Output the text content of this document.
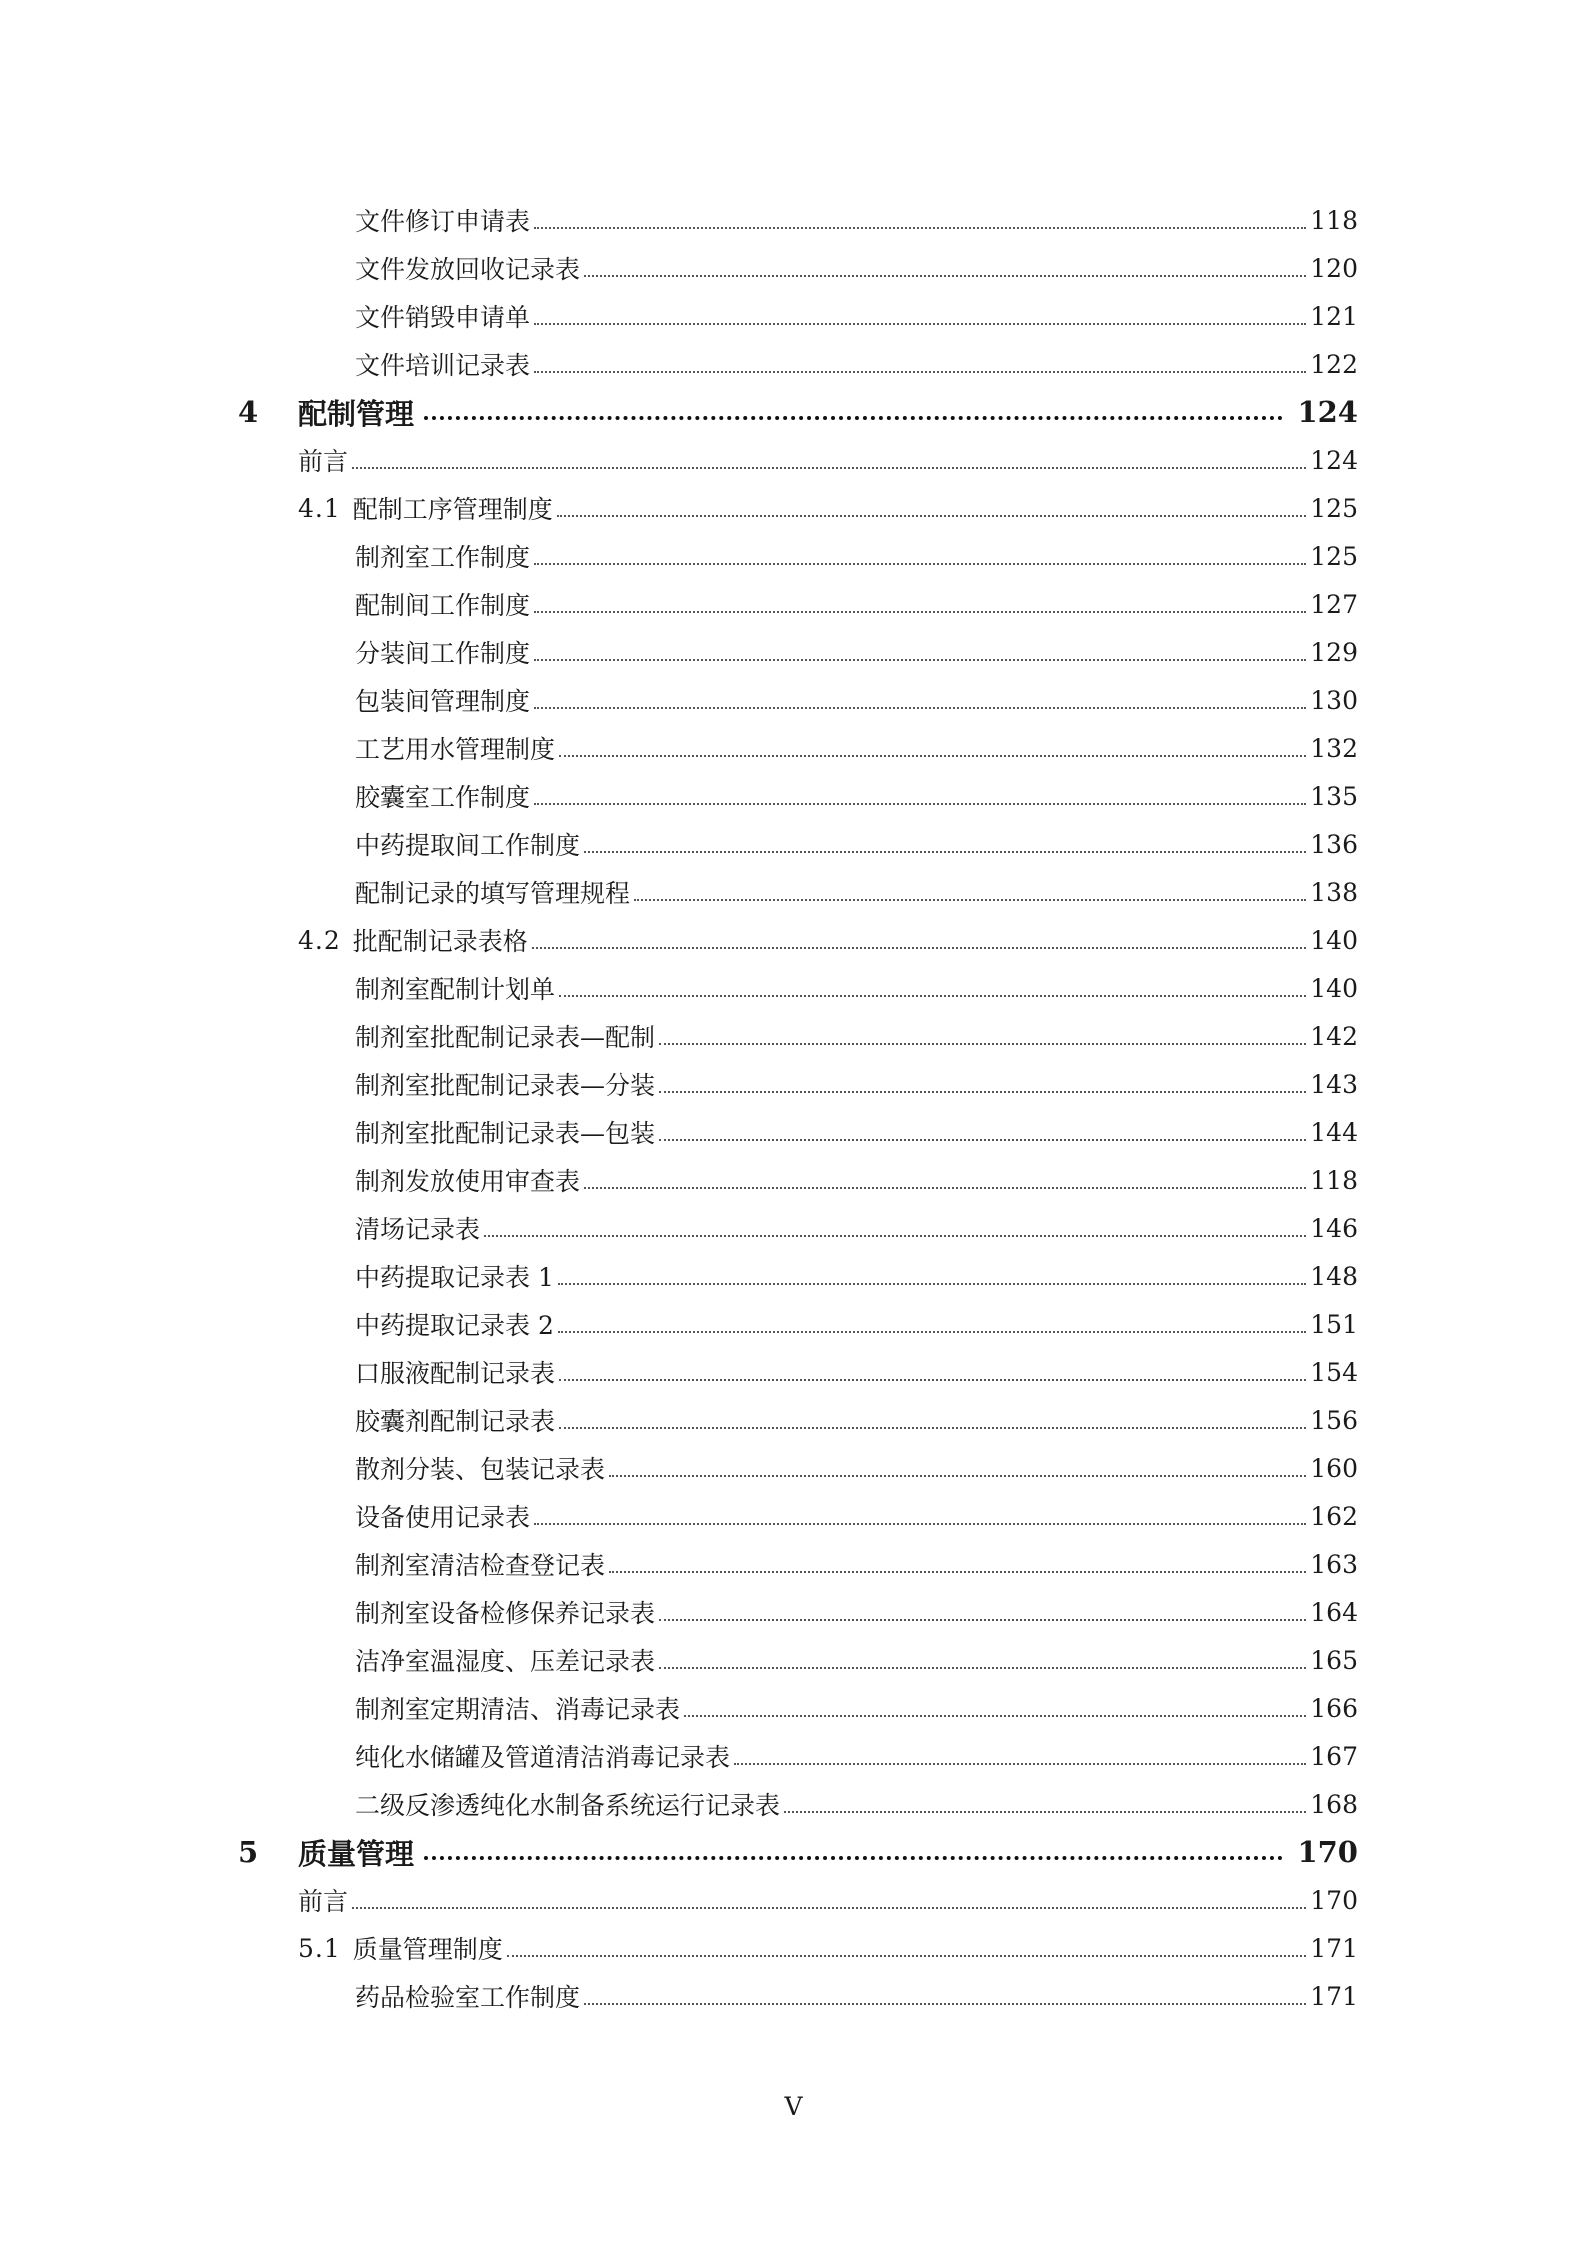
文件修订申请表	118
文件发放回收记录表	120
文件销毁申请单	121
文件培训记录表	122
4	配制管理	124
前言	124
4.1 配制工序管理制度	125
制剂室工作制度	125
配制间工作制度	127
分装间工作制度	129
包装间管理制度	130
工艺用水管理制度	132
胶囊室工作制度	135
中药提取间工作制度	136
配制记录的填写管理规程	138
4.2 批配制记录表格	140
制剂室配制计划单	140
制剂室批配制记录表—配制	142
制剂室批配制记录表—分装	143
制剂室批配制记录表—包装	144
制剂发放使用审查表	118
清场记录表	146
中药提取记录表 1	148
中药提取记录表 2	151
口服液配制记录表	154
胶囊剂配制记录表	156
散剂分装、包装记录表	160
设备使用记录表	162
制剂室清洁检查登记表	163
制剂室设备检修保养记录表	164
洁净室温湿度、压差记录表	165
制剂室定期清洁、消毒记录表	166
纯化水储罐及管道清洁消毒记录表	167
二级反渗透纯化水制备系统运行记录表	168
5	质量管理	170
前言	170
5.1 质量管理制度	171
药品检验室工作制度	171
V
